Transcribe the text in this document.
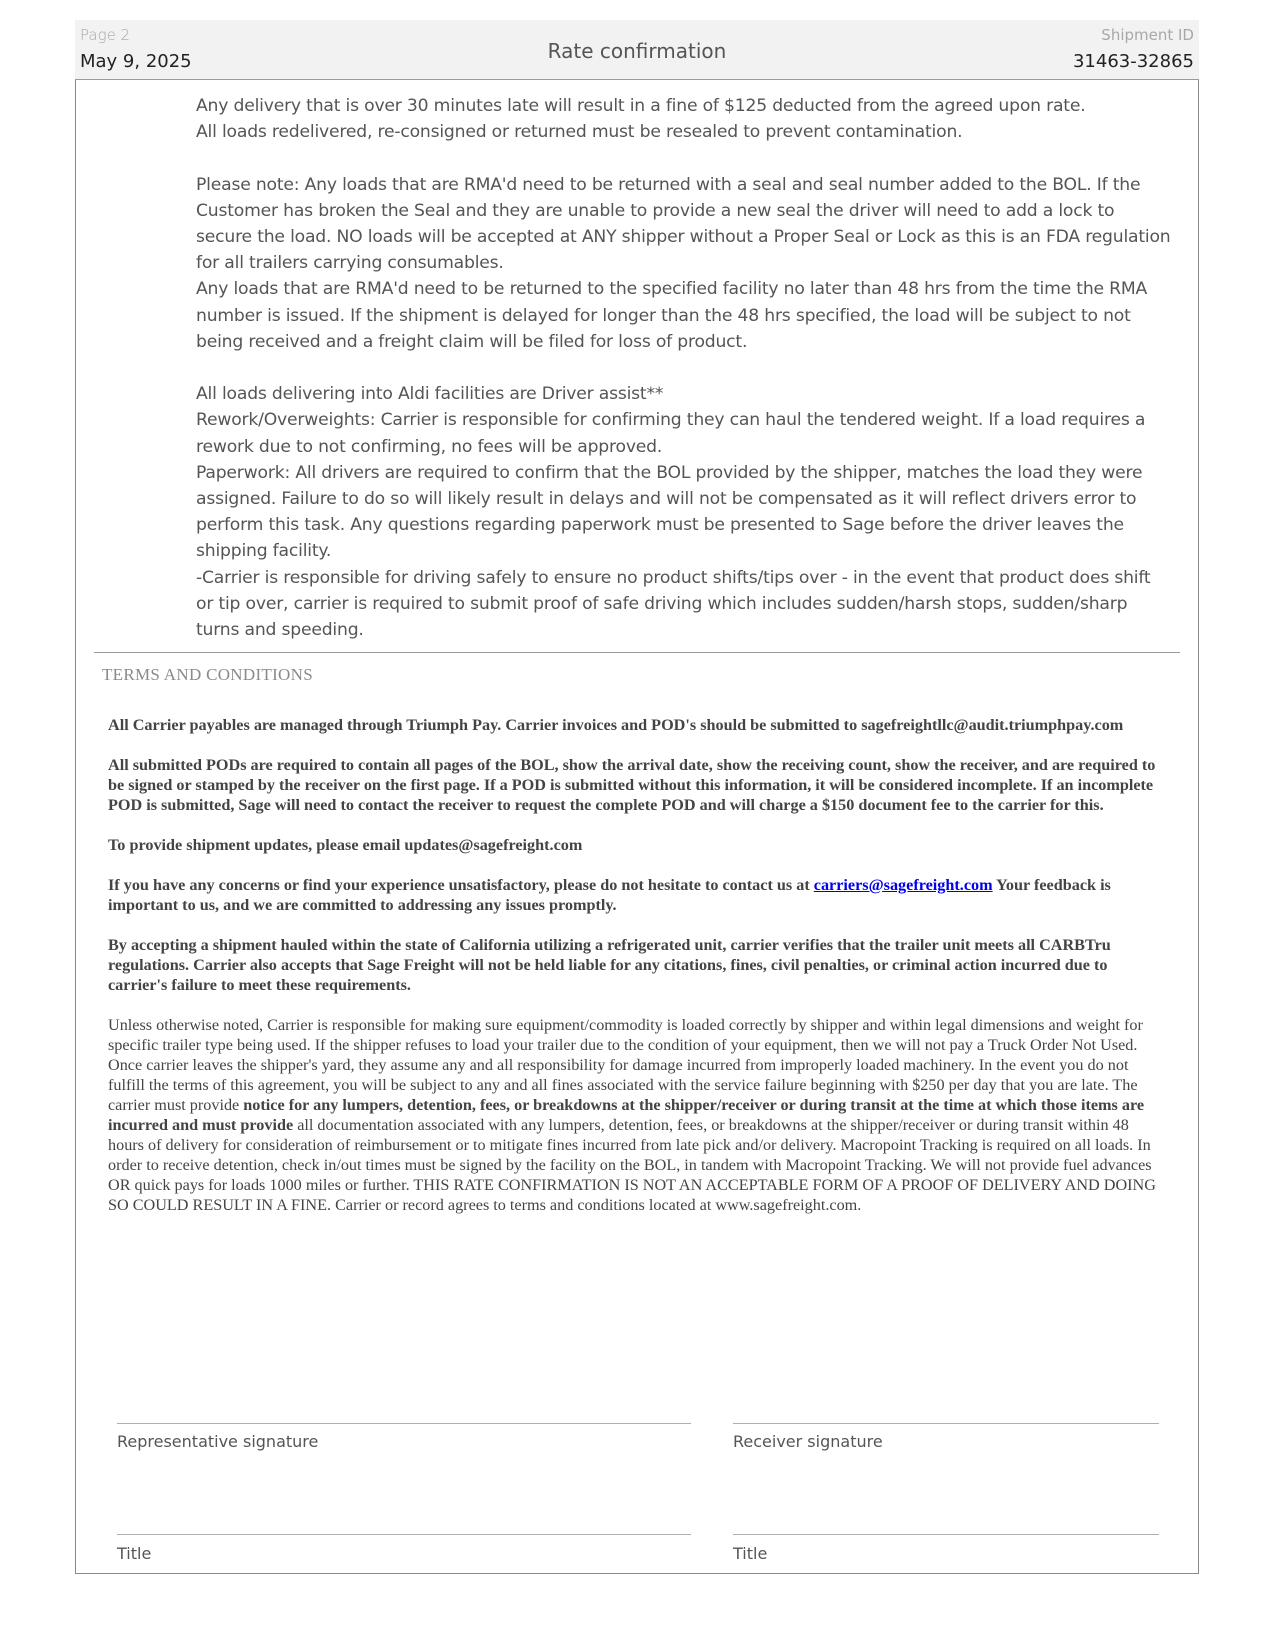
Page 2
May 9, 2025	Rate confirmation
Shipment ID
31463-32865

Any delivery that is over 30 minutes late will result in a fine of $125 deducted from the agreed upon rate.

All loads redelivered, re-consigned or returned must be resealed to prevent contamination.

Please note: Any loads that are RMA'd need to be returned with a seal and seal number added to the BOL. If the Customer has broken the Seal and they are unable to provide a new seal the driver will need to add a lock to secure the load. NO loads will be accepted at ANY shipper without a Proper Seal or Lock as this is an FDA regulation for all trailers carrying consumables.

Any loads that are RMA'd need to be returned to the specified facility no later than 48 hrs from the time the RMA number is issued. If the shipment is delayed for longer than the 48 hrs specified, the load will be subject to not being received and a freight claim will be filed for loss of product.

All loads delivering into Aldi facilities are Driver assist**

Rework/Overweights: Carrier is responsible for confirming they can haul the tendered weight. If a load requires a rework due to not confirming, no fees will be approved.

Paperwork: All drivers are required to confirm that the BOL provided by the shipper, matches the load they were assigned. Failure to do so will likely result in delays and will not be compensated as it will reflect drivers error to perform this task. Any questions regarding paperwork must be presented to Sage before the driver leaves the shipping facility.

-Carrier is responsible for driving safely to ensure no product shifts/tips over - in the event that product does shift or tip over, carrier is required to submit proof of safe driving which includes sudden/harsh stops, sudden/sharp turns and speeding.

TERMS AND CONDITIONS

All Carrier payables are managed through Triumph Pay. Carrier invoices and POD's should be submitted to sagefreightllc@audit.triumphpay.com

All submitted PODs are required to contain all pages of the BOL, show the arrival date, show the receiving count, show the receiver, and are required to be signed or stamped by the receiver on the first page. If a POD is submitted without this information, it will be considered incomplete. If an incomplete POD is submitted, Sage will need to contact the receiver to request the complete POD and will charge a $150 document fee to the carrier for this.

To provide shipment updates, please email updates@sagefreight.com

If you have any concerns or find your experience unsatisfactory, please do not hesitate to contact us at carriers@sagefreight.com Your feedback is important to us, and we are committed to addressing any issues promptly.

By accepting a shipment hauled within the state of California utilizing a refrigerated unit, carrier verifies that the trailer unit meets all CARBTru regulations. Carrier also accepts that Sage Freight will not be held liable for any citations, fines, civil penalties, or criminal action incurred due to carrier's failure to meet these requirements.

Unless otherwise noted, Carrier is responsible for making sure equipment/commodity is loaded correctly by shipper and within legal dimensions and weight for specific trailer type being used. If the shipper refuses to load your trailer due to the condition of your equipment, then we will not pay a Truck Order Not Used. Once carrier leaves the shipper's yard, they assume any and all responsibility for damage incurred from improperly loaded machinery. In the event you do not fulfill the terms of this agreement, you will be subject to any and all fines associated with the service failure beginning with $250 per day that you are late. The carrier must provide notice for any lumpers, detention, fees, or breakdowns at the shipper/receiver or during transit at the time at which those items are incurred and must provide all documentation associated with any lumpers, detention, fees, or breakdowns at the shipper/receiver or during transit within 48 hours of delivery for consideration of reimbursement or to mitigate fines incurred from late pick and/or delivery. Macropoint Tracking is required on all loads. In order to receive detention, check in/out times must be signed by the facility on the BOL, in tandem with Macropoint Tracking. We will not provide fuel advances OR quick pays for loads 1000 miles or further. THIS RATE CONFIRMATION IS NOT AN ACCEPTABLE FORM OF A PROOF OF DELIVERY AND DOING SO COULD RESULT IN A FINE. Carrier or record agrees to terms and conditions located at www.sagefreight.com.

Representative signature	Receiver signature
Title	Title
